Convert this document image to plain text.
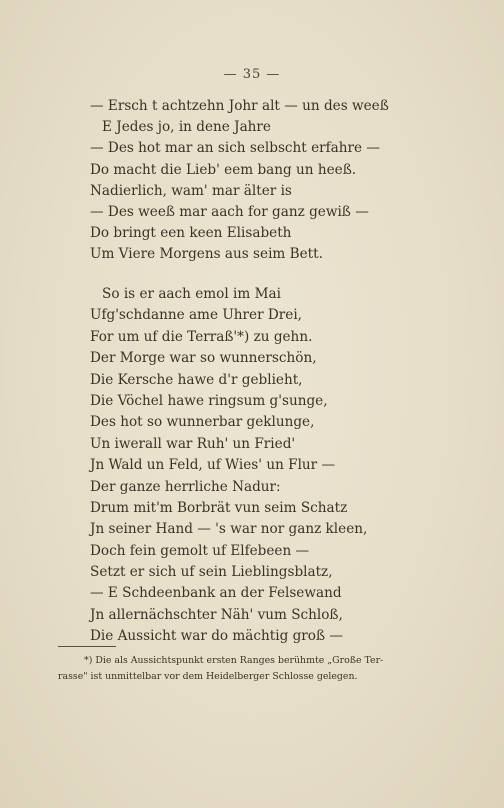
— 35 —
— Ersch t achtzehn Johr alt — un des weeß
E Jedes jo, in dene Jahre
— Des hot mar an sich selbscht erfahre —
Do macht die Lieb' eem bang un heeß.
Nadierlich, wam' mar älter is
— Des weeß mar aach for ganz gewiß —
Do bringt een keen Elisabeth
Um Viere Morgens aus seim Bett.
So is er aach emol im Mai
Ufg'schdanne ame Uhrer Drei,
For um uf die Terraß'*) zu gehn.
Der Morge war so wunnerschön,
Die Kersche hawe d'r geblieht,
Die Vöchel hawe ringsum g'sunge,
Des hot so wunnerbar geklunge,
Un iwerall war Ruh' un Fried'
Jn Wald un Feld, uf Wies' un Flur —
Der ganze herrliche Nadur:
Drum mit'm Borbrät vun seim Schatz
Jn seiner Hand — 's war nor ganz kleen,
Doch fein gemolt uf Elfebeen —
Setzt er sich uf sein Lieblingsblatz,
— E Schdeenbank an der Felsewand
Jn allernächschter Näh' vum Schloß,
Die Aussicht war do mächtig groß —
*) Die als Aussichtspunkt ersten Ranges berühmte „Große Ter-
rasse" ist unmittelbar vor dem Heidelberger Schlosse gelegen.
